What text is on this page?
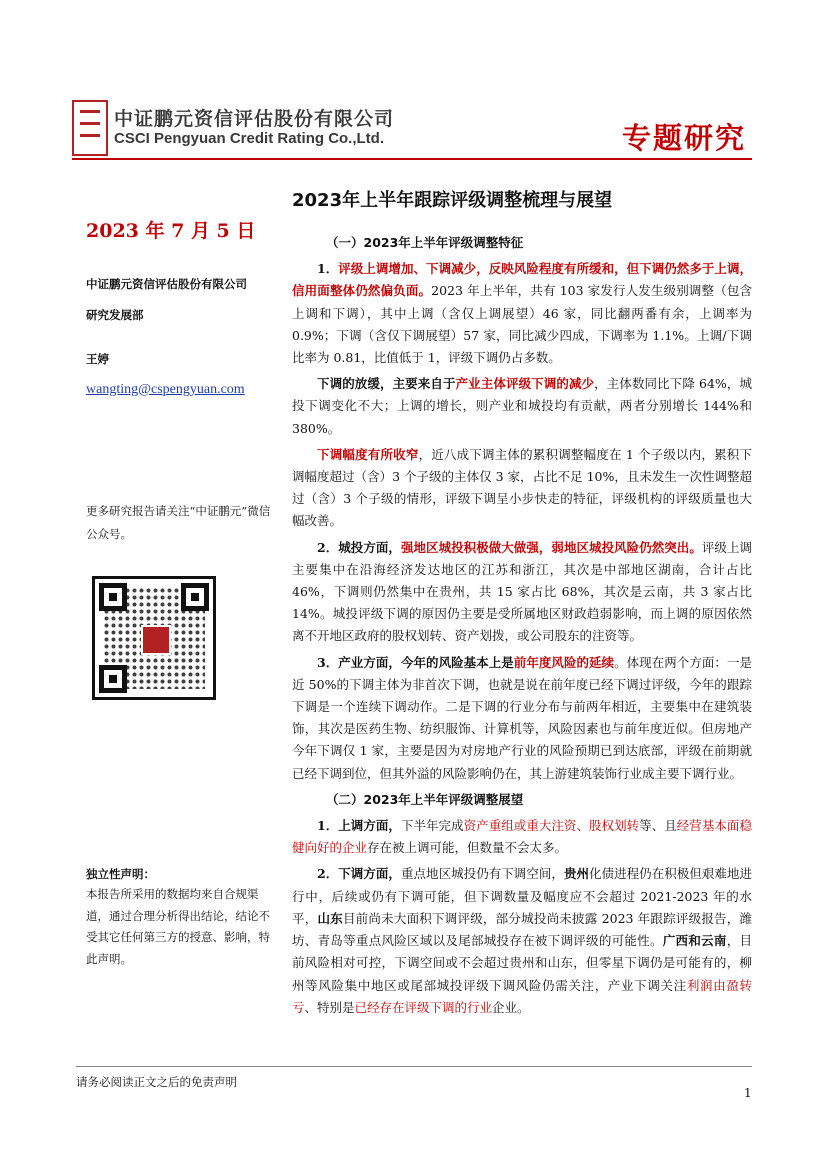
中证鹏元资信评估股份有限公司
CSCI Pengyuan Credit Rating Co.,Ltd.	专题研究
2023年上半年跟踪评级调整梳理与展望
2023 年 7 月 5 日
中证鹏元资信评估股份有限公司
研究发展部
王婷
wangting@cspengyuan.com
更多研究报告请关注“中证鹏元”微信公众号。
独立性声明：
本报告所采用的数据均来自合规渠道，通过合理分析得出结论，结论不受其它任何第三方的授意、影响，特此声明。
（一）2023年上半年评级调整特征

1．评级上调增加、下调减少，反映风险程度有所缓和，但下调仍然多于上调，信用面整体仍然偏负面。2023 年上半年，共有 103 家发行人发生级别调整（包含上调和下调），其中上调（含仅上调展望）46 家，同比翻两番有余，上调率为 0.9%；下调（含仅下调展望）57 家，同比减少四成，下调率为 1.1%。上调/下调比率为 0.81，比值低于 1，评级下调仍占多数。

下调的放缓，主要来自于产业主体评级下调的减少，主体数同比下降 64%，城投下调变化不大；上调的增长，则产业和城投均有贡献，两者分别增长 144%和 380%。

下调幅度有所收窄，近八成下调主体的累积调整幅度在 1 个子级以内，累积下调幅度超过（含）3 个子级的主体仅 3 家，占比不足 10%，且未发生一次性调整超过（含）3 个子级的情形，评级下调呈小步快走的特征，评级机构的评级质量也大幅改善。

2．城投方面，强地区城投积极做大做强，弱地区城投风险仍然突出。评级上调主要集中在沿海经济发达地区的江苏和浙江，其次是中部地区湖南，合计占比 46%，下调则仍然集中在贵州，共 15 家占比 68%，其次是云南，共 3 家占比 14%。城投评级下调的原因仍主要是受所属地区财政趋弱影响，而上调的原因依然离不开地区政府的股权划转、资产划拨，或公司股东的注资等。

3．产业方面，今年的风险基本上是前年度风险的延续。体现在两个方面：一是近 50%的下调主体为非首次下调，也就是说在前年度已经下调过评级，今年的跟踪下调是一个连续下调动作。二是下调的行业分布与前两年相近，主要集中在建筑装饰，其次是医药生物、纺织服饰、计算机等，风险因素也与前年度近似。但房地产今年下调仅 1 家，主要是因为对房地产行业的风险预期已到达底部，评级在前期就已经下调到位，但其外溢的风险影响仍在，其上游建筑装饰行业成主要下调行业。

（二）2023年上半年评级调整展望

1．上调方面，下半年完成资产重组或重大注资、股权划转等、且经营基本面稳健向好的企业存在被上调可能，但数量不会太多。

2．下调方面，重点地区城投仍有下调空间，贵州化债进程仍在积极但艰难地进行中，后续或仍有下调可能，但下调数量及幅度应不会超过 2021-2023 年的水平，山东目前尚未大面积下调评级，部分城投尚未披露 2023 年跟踪评级报告，潍坊、青岛等重点风险区域以及尾部城投存在被下调评级的可能性。广西和云南，目前风险相对可控，下调空间或不会超过贵州和山东，但零星下调仍是可能有的，柳州等风险集中地区或尾部城投评级下调风险仍需关注，产业下调关注利润由盈转亏、特别是已经存在评级下调的行业企业。

请务必阅读正文之后的免责声明
1
